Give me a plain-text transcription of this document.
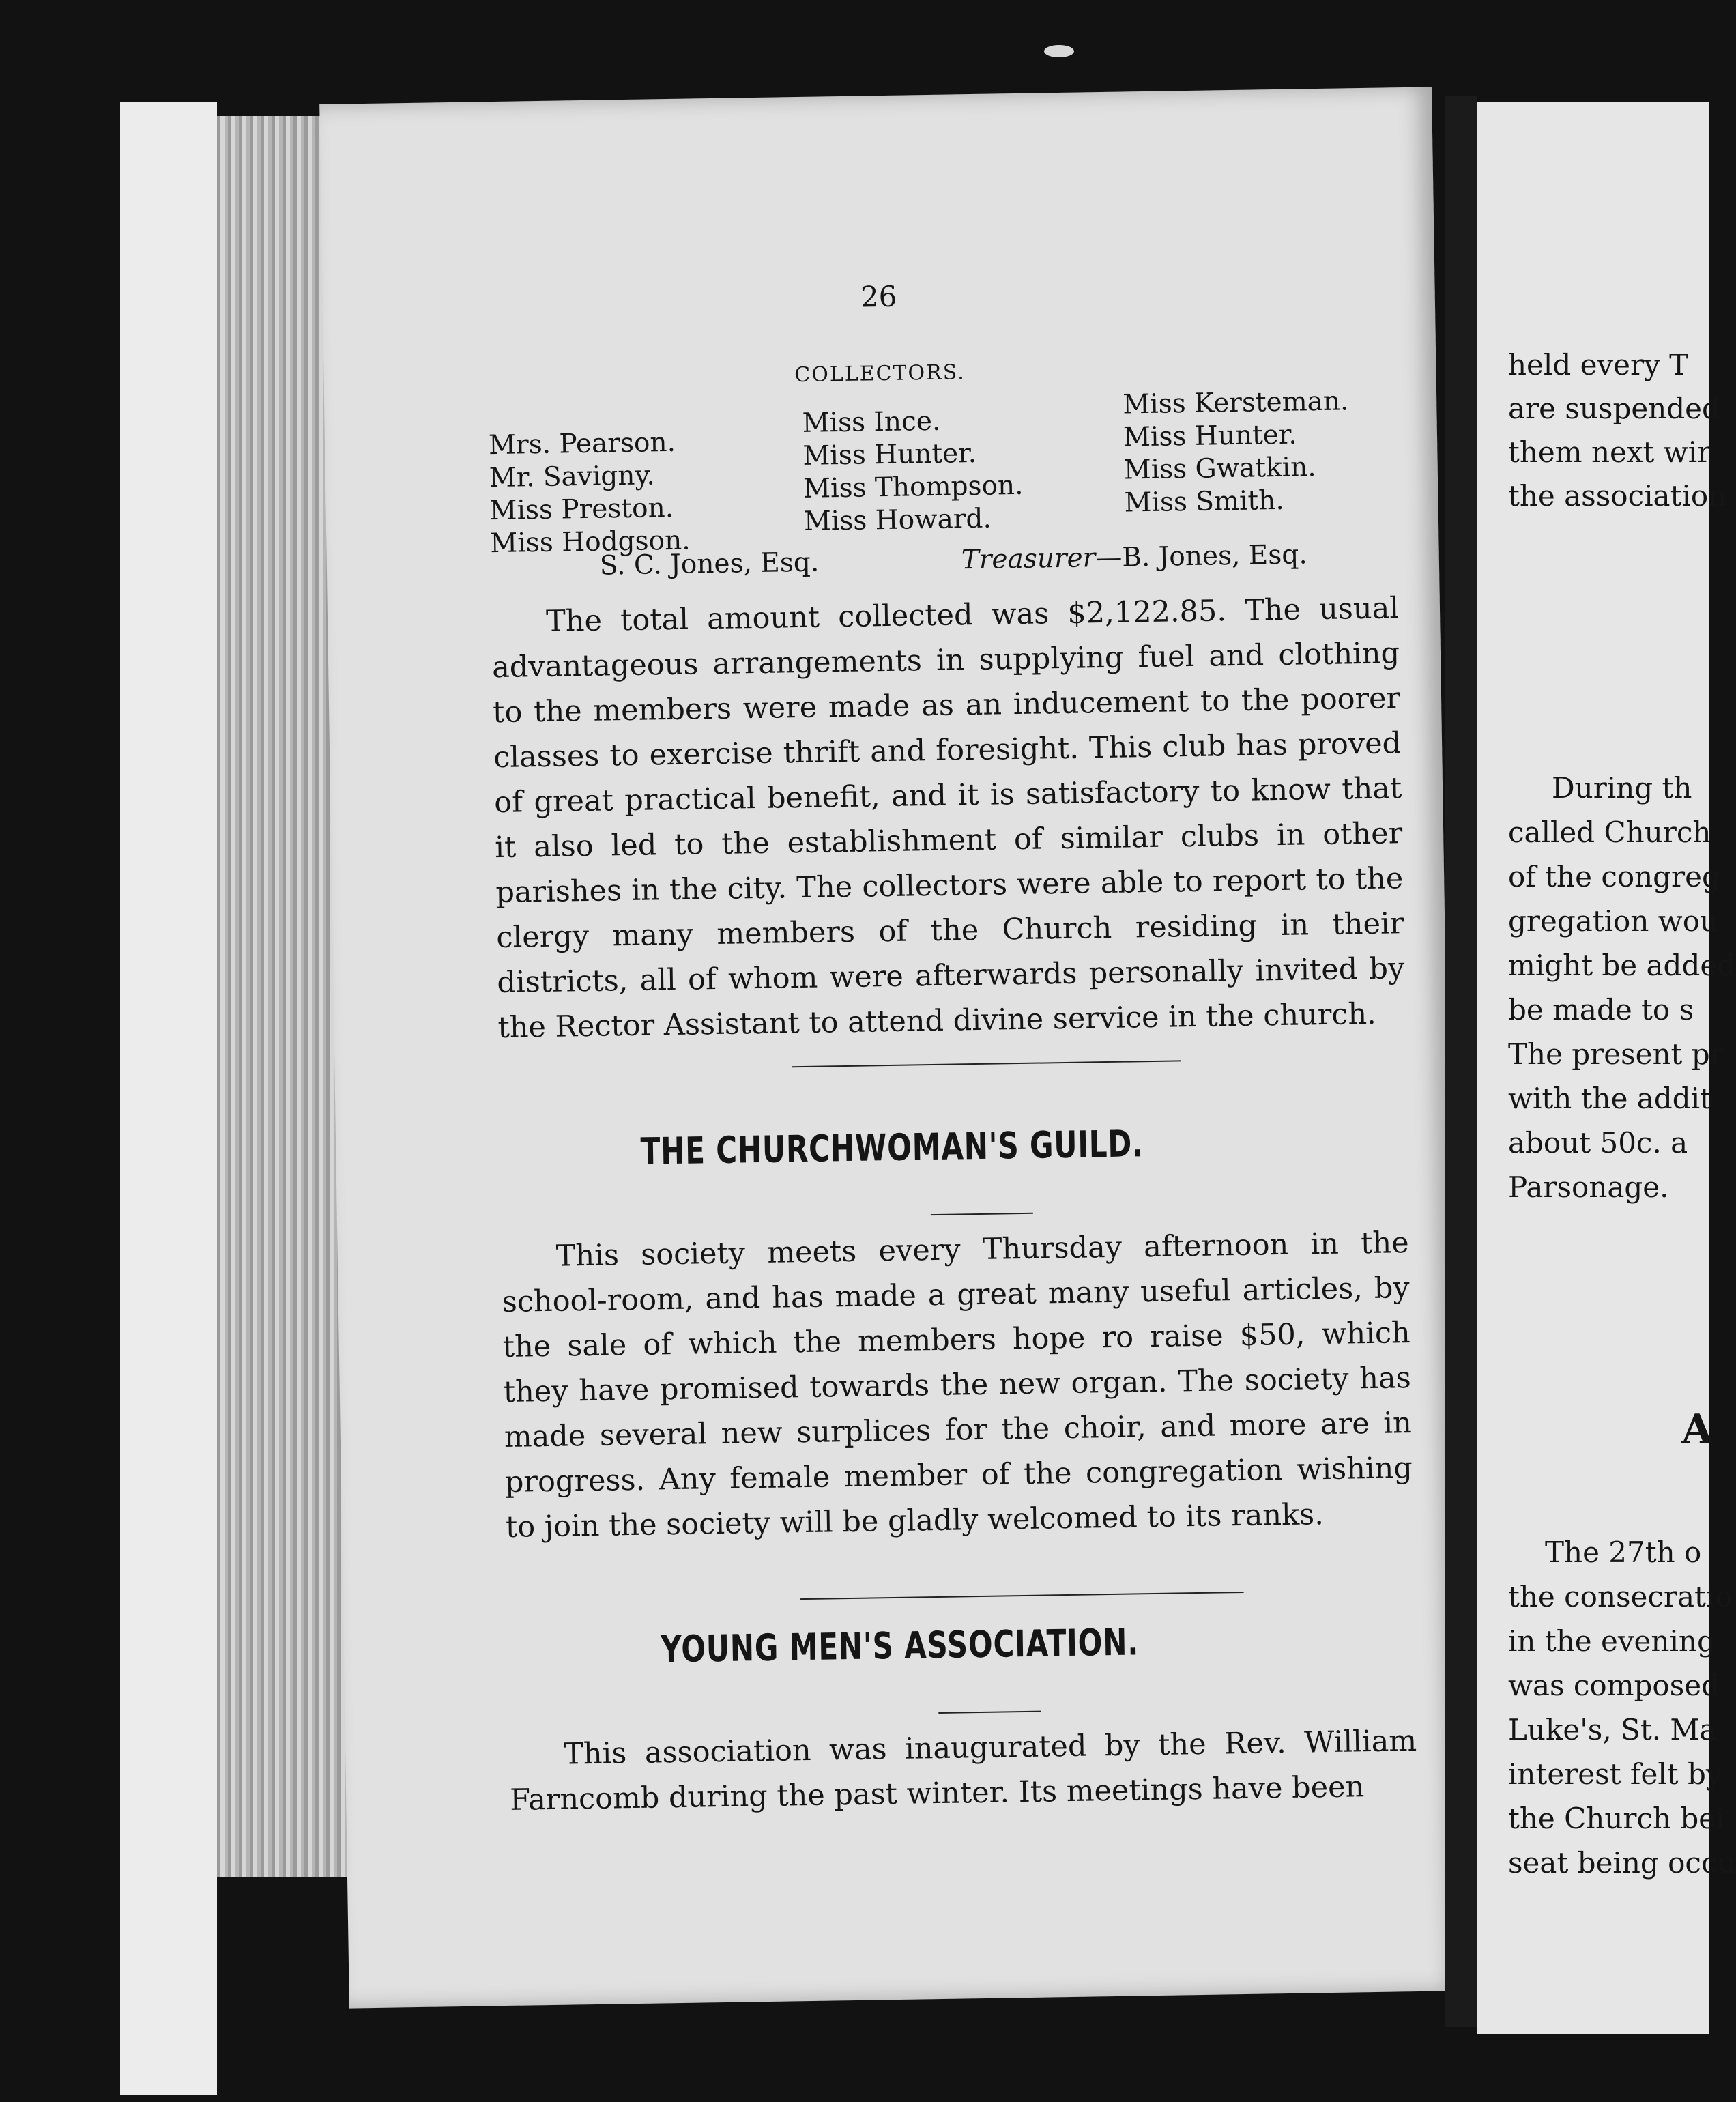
26
COLLECTORS.
Mrs. Pearson.
Mr. Savigny.
Miss Preston.
Miss Hodgson.
Miss Ince.
Miss Hunter.
Miss Thompson.
Miss Howard.
Miss Kersteman.
Miss Hunter.
Miss Gwatkin.
Miss Smith.
S. C. Jones, Esq.	Treasurer—B. Jones, Esq.

The total amount collected was $2,122.85. The usual advantageous arrangements in supplying fuel and clothing to the members were made as an inducement to the poorer classes to exercise thrift and foresight. This club has proved of great practical benefit, and it is satisfactory to know that it also led to the establishment of similar clubs in other parishes in the city. The collectors were able to report to the clergy many members of the Church residing in their districts, all of whom were afterwards personally invited by the Rector Assistant to attend divine service in the church.

THE CHURCHWOMAN'S GUILD.

This society meets every Thursday afternoon in the school-room, and has made a great many useful articles, by the sale of which the members hope ro raise $50, which they have promised towards the new organ. The society has made several new surplices for the choir, and more are in progress. Any female member of the congregation wishing to join the society will be gladly welcomed to its ranks.

YOUNG MEN'S ASSOCIATION.

This association was inaugurated by the Rev. William Farncomb during the past winter. Its meetings have been

held every T
are suspended
them next wir
the association
During th
called Church
of the congreg
gregation wou
might be added
be made to s
The present pr
with the addit
about 50c. a
Parsonage.
A
The 27th o
the consecratio
in the evening
was composed
Luke's, St. Ma
interest felt by
the Church bei
seat being occu
